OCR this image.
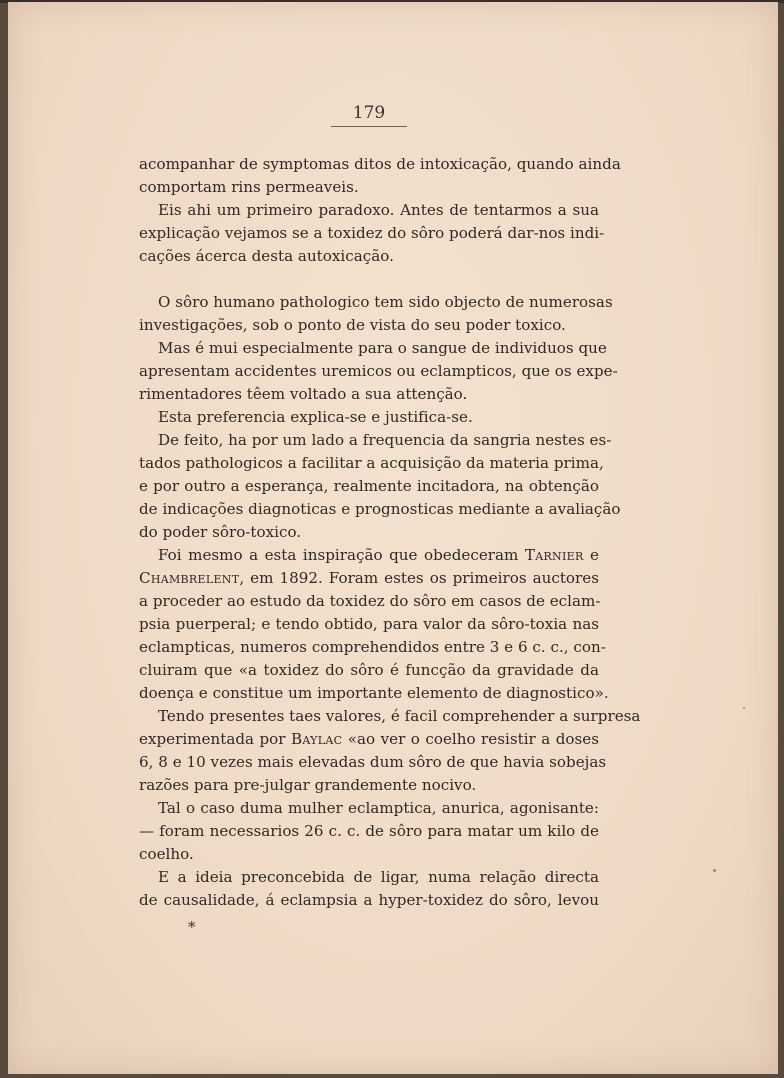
179
acompanhar de symptomas ditos de intoxicação, quando ainda
comportam rins permeaveis.
Eis ahi um primeiro paradoxo. Antes de tentarmos a sua
explicação vejamos se a toxidez do sôro poderá dar-nos indi-
cações ácerca desta autoxicação.
O sôro humano pathologico tem sido objecto de numerosas
investigações, sob o ponto de vista do seu poder toxico.
Mas é mui especialmente para o sangue de individuos que
apresentam accidentes uremicos ou eclampticos, que os expe-
rimentadores têem voltado a sua attenção.
Esta preferencia explica-se e justifica-se.
De feito, ha por um lado a frequencia da sangria nestes es-
tados pathologicos a facilitar a acquisição da materia prima,
e por outro a esperança, realmente incitadora, na obtenção
de indicações diagnoticas e prognosticas mediante a avaliação
do poder sôro-toxico.
Foi mesmo a esta inspiração que obedeceram Tarnier e
Chambrelent, em 1892. Foram estes os primeiros auctores
a proceder ao estudo da toxidez do sôro em casos de eclam-
psia puerperal; e tendo obtido, para valor da sôro-toxia nas
eclampticas, numeros comprehendidos entre 3 e 6 c. c., con-
cluiram que «a toxidez do sôro é funcção da gravidade da
doença e constitue um importante elemento de diagnostico».
Tendo presentes taes valores, é facil comprehender a surpresa
experimentada por Baylac «ao ver o coelho resistir a doses
6, 8 e 10 vezes mais elevadas dum sôro de que havia sobejas
razões para pre-julgar grandemente nocivo.
Tal o caso duma mulher eclamptica, anurica, agonisante:
— foram necessarios 26 c. c. de sôro para matar um kilo de
coelho.
E a ideia preconcebida de ligar, numa relação directa
de causalidade, á eclampsia a hyper-toxidez do sôro, levou
*
